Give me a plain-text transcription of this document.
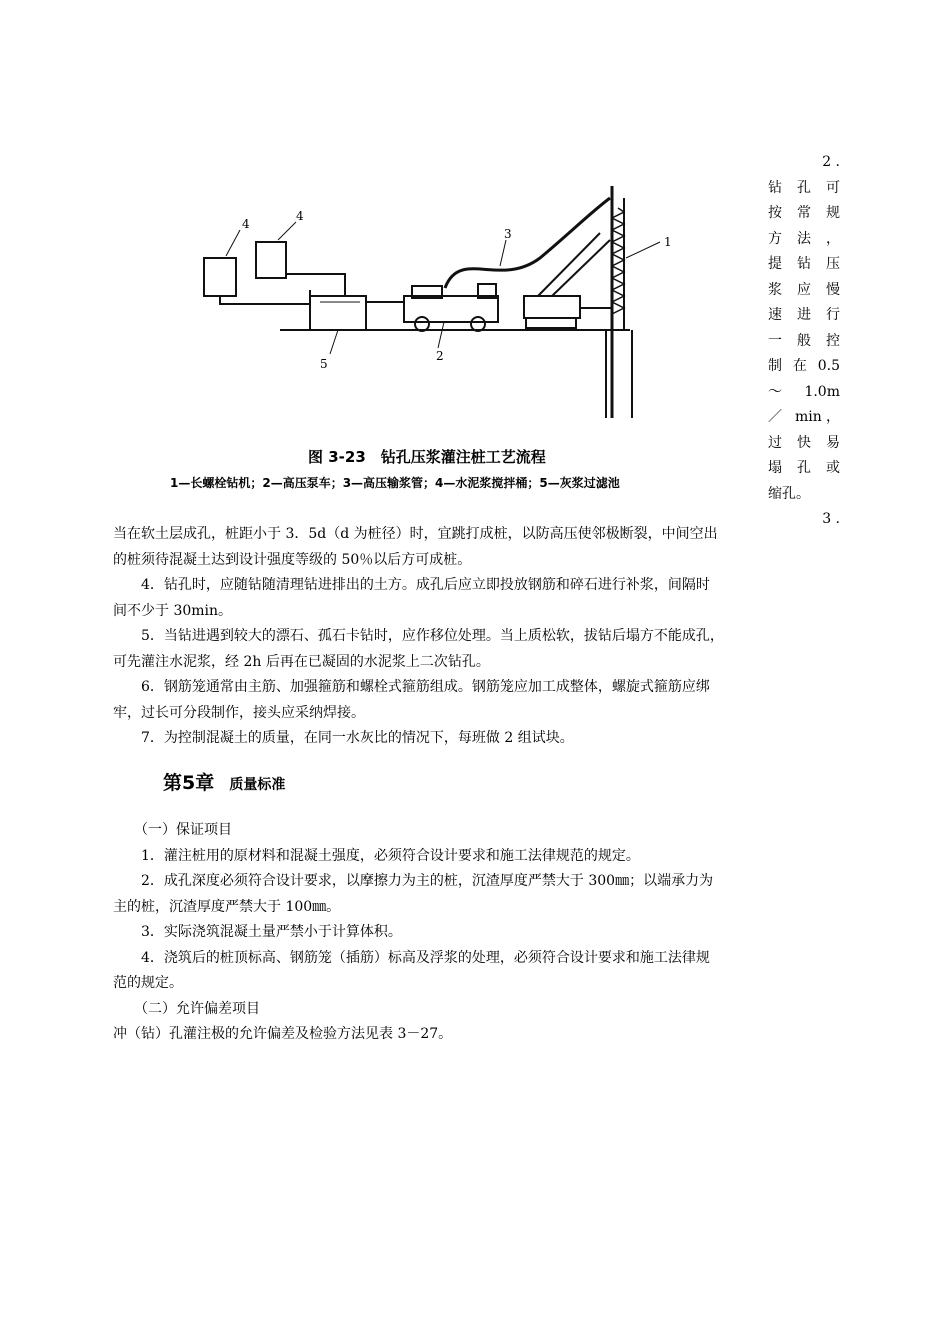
1
2
3
4
4
5
图 3-23　钻孔压浆灌注桩工艺流程
1—长螺栓钻机；2—高压泵车；3—高压输浆管；4—水泥浆搅拌桶；5—灰浆过滤池
2 .
钻 孔 可
按 常 规
方 法 ，
提 钻 压
浆 应 慢
速 进 行
一 般 控
制 在 0.5
～　1.0m
／ min，
过 快 易
塌 孔 或
缩孔。
3 .
当在软土层成孔，桩距小于 3．5d（d 为桩径）时，宜跳打成桩，以防高压使邻极断裂，中间空出
的桩须待混凝土达到设计强度等级的 50％以后方可成桩。
　　4．钻孔时，应随钻随清理钻进排出的土方。成孔后应立即投放钢筋和碎石进行补浆，间隔时
间不少于 30min。
　　5．当钻进遇到较大的漂石、孤石卡钻时，应作移位处理。当上质松软，拔钻后塌方不能成孔，
可先灌注水泥浆，经 2h 后再在已凝固的水泥浆上二次钻孔。
　　6．钢筋笼通常由主筋、加强箍筋和螺栓式箍筋组成。钢筋笼应加工成整体，螺旋式箍筋应绑
牢，过长可分段制作，接头应采纳焊接。
　　7．为控制混凝土的质量，在同一水灰比的情况下，每班做 2 组试块。
第5章 质量标准
　（一）保证项目
　　1．灌注桩用的原材料和混凝土强度，必须符合设计要求和施工法律规范的规定。
　　2．成孔深度必须符合设计要求，以摩擦力为主的桩，沉渣厚度严禁大于 300㎜；以端承力为
主的桩，沉渣厚度严禁大于 100㎜。
　　3．实际浇筑混凝土量严禁小于计算体积。
　　4．浇筑后的桩顶标高、钢筋笼（插筋）标高及浮浆的处理，必须符合设计要求和施工法律规
范的规定。
　　（二）允许偏差项目
冲（钻）孔灌注极的允许偏差及检验方法见表 3－27。
